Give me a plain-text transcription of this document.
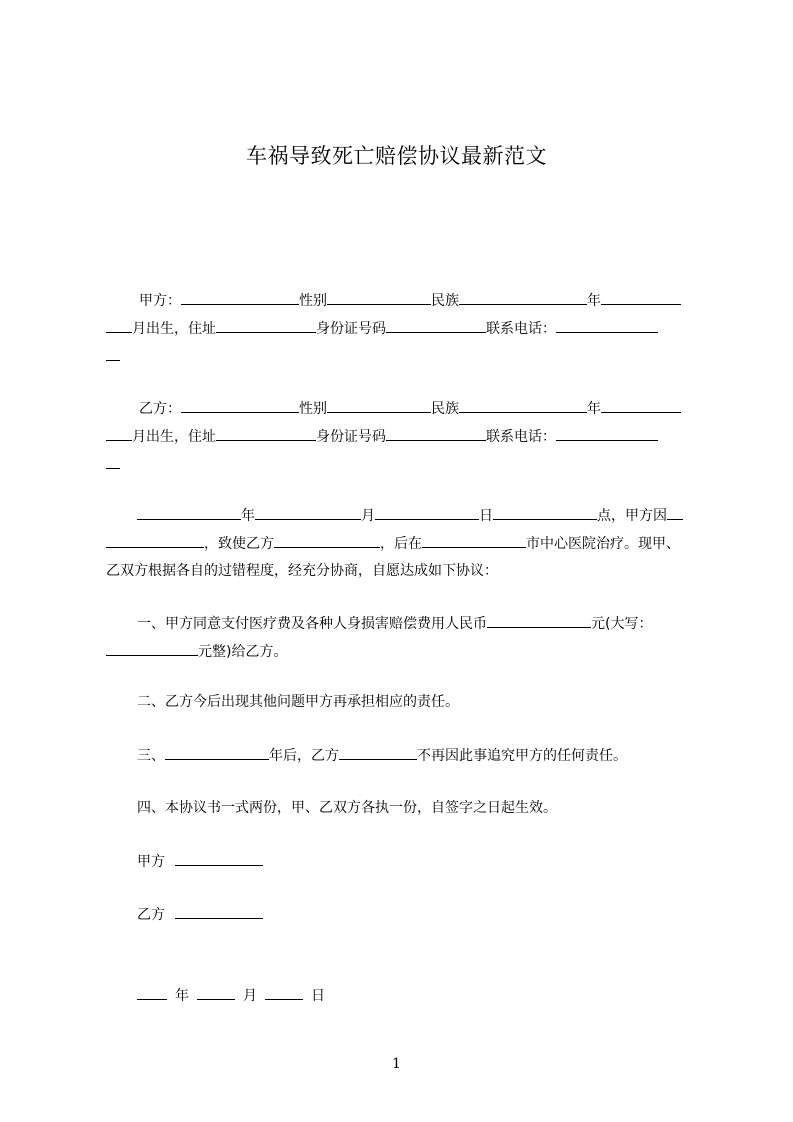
车祸导致死亡赔偿协议最新范文
甲方：	性别	民族	年
月出生，住址	身份证号码	联系电话：
乙方：	性别	民族	年
月出生，住址	身份证号码	联系电话：
年	月	日	点，甲方因
，致使乙方	，后在	市中心医院治疗。现甲、
乙双方根据各自的过错程度，经充分协商，自愿达成如下协议：
一、甲方同意支付医疗费及各种人身损害赔偿费用人民币	元(大写：
元整)给乙方。
二、乙方今后出现其他问题甲方再承担相应的责任。
三、	年后，乙方	不再因此事追究甲方的任何责任。
四、本协议书一式两份，甲、乙双方各执一份，自签字之日起生效。
甲方
乙方
年	月	日
1
